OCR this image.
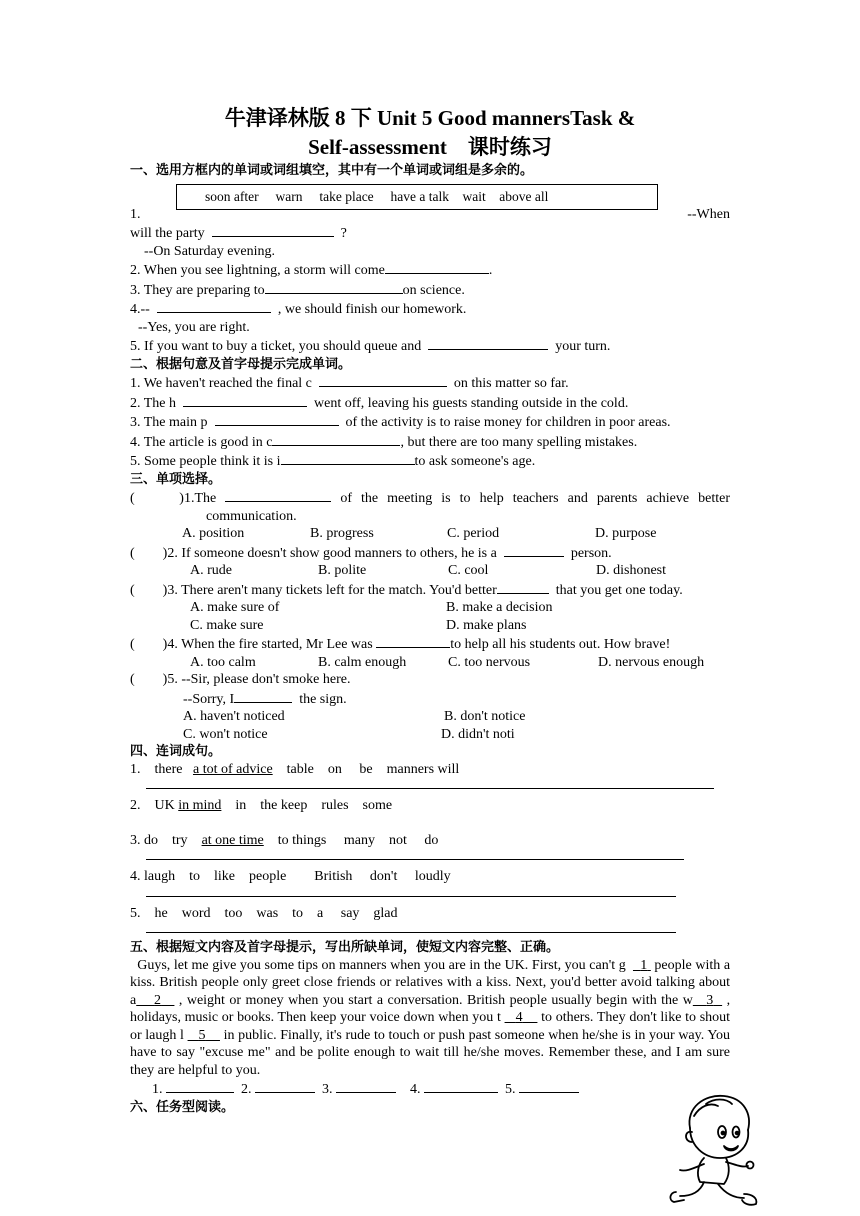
牛津译林版 8 下 Unit 5 Good mannersTask &
Self-assessment　课时练习
一、选用方框内的单词或词组填空，其中有一个单词或词组是多余的。
soon after　 warn　 take place　 have a talk　wait　above all
1.	--When
will the party	?
--On Saturday evening.
2. When you see lightning, a storm will come	.
3. They are preparing to	on science.
4.--	, we should finish our homework.
--Yes, you are right.
5. If you want to buy a ticket, you should queue and	your turn.
二、根据句意及首字母提示完成单词。
1. We haven't reached the final c	on this matter so far.
2. The h	went off, leaving his guests standing outside in the cold.
3. The main p	of the activity is to raise money for children in poor areas.
4. The article is good in c	, but there are too many spelling mistakes.
5. Some people think it is i	to ask someone's age.
三、单项选择。
(　　)1.The	of the meeting is to help teachers and parents achieve better
communication.
A. position	B. progress	C. period	D. purpose
(　　)2. If someone doesn't show good manners to others, he is a	person.
A. rude	B. polite	C. cool	D. dishonest
(　　)3. There aren't many tickets left for the match. You'd better	that you get one today.
A. make sure of	B. make a decision
C. make sure	D. make plans
(　　)4. When the fire started, Mr Lee was	to help all his students out. How brave!
A. too calm	B. calm enough	C. too nervous	D. nervous enough
(　　)5. --Sir, please don't smoke here.
--Sorry, I	the sign.
A. haven't noticed	B. don't notice
C. won't notice	D. didn't noti
四、连词成句。
1.　there a tot of advice　table　on　 be　manners will
2.　UK in mind　in　the keep　rules　some
3. do　try　at one time　to things　 many　not　 do
4. laugh　to　like　people　　British　 don't　 loudly
5.　he　word　too　was　to　a　 say　glad
五、根据短文内容及首字母提示，写出所缺单词，使短文内容完整、正确。
Guys, let me give you some tips on manners when you are in the UK. First, you can't g 1 people with a kiss. British people only greet close friends or relatives with a kiss. Next, you'd better avoid talking about a 2 , weight or money when you start a conversation. British people usually begin with the w 3 , holidays, music or books. Then keep your voice down when you t 4 to others. They don't like to shout or laugh l 5 in public. Finally, it's rude to touch or push past someone when he/she is in your way. You have to say "excuse me" and be polite enough to wait till he/she moves. Remember these, and I am sure they are helpful to you.
1.	2.	3.	4.	5.
六、任务型阅读。
